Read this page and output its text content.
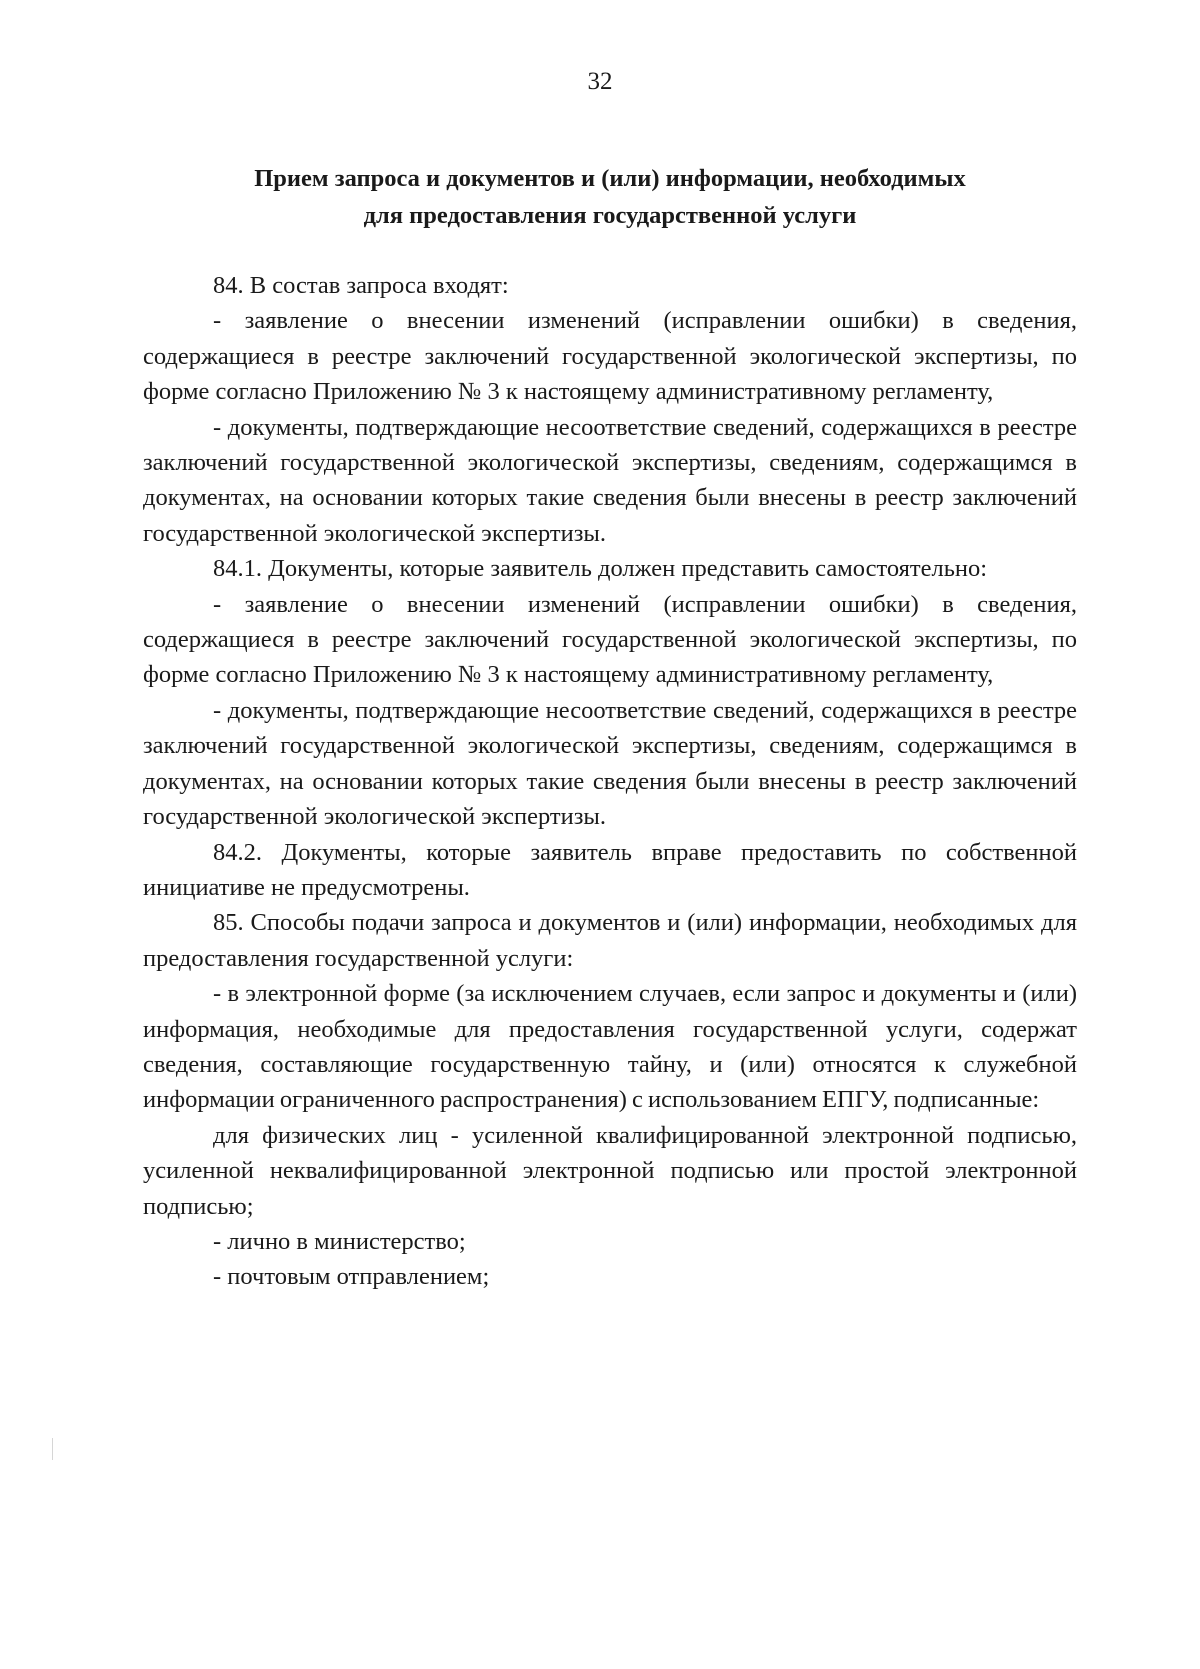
32
Прием запроса и документов и (или) информации, необходимых
для предоставления государственной услуги

84. В состав запроса входят:

- заявление о внесении изменений (исправлении ошибки) в сведения, содержащиеся в реестре заключений государственной экологической экспертизы, по форме согласно Приложению № 3 к настоящему административному регламенту,

- документы, подтверждающие несоответствие сведений, содержащихся в реестре заключений государственной экологической экспертизы, сведениям, содержащимся в документах, на основании которых такие сведения были внесены в реестр заключений государственной экологической экспертизы.

84.1. Документы, которые заявитель должен представить самостоятельно:

- заявление о внесении изменений (исправлении ошибки) в сведения, содержащиеся в реестре заключений государственной экологической экспертизы, по форме согласно Приложению № 3 к настоящему административному регламенту,

- документы, подтверждающие несоответствие сведений, содержащихся в реестре заключений государственной экологической экспертизы, сведениям, содержащимся в документах, на основании которых такие сведения были внесены в реестр заключений государственной экологической экспертизы.

84.2. Документы, которые заявитель вправе предоставить по собственной инициативе не предусмотрены.

85. Способы подачи запроса и документов и (или) информации, необходимых для предоставления государственной услуги:

- в электронной форме (за исключением случаев, если запрос и документы и (или) информация, необходимые для предоставления государственной услуги, содержат сведения, составляющие государственную тайну, и (или) относятся к служебной информации ограниченного распространения) с использованием ЕПГУ, подписанные:

для физических лиц - усиленной квалифицированной электронной подписью, усиленной неквалифицированной электронной подписью или простой электронной подписью;

- лично в министерство;

- почтовым отправлением;
